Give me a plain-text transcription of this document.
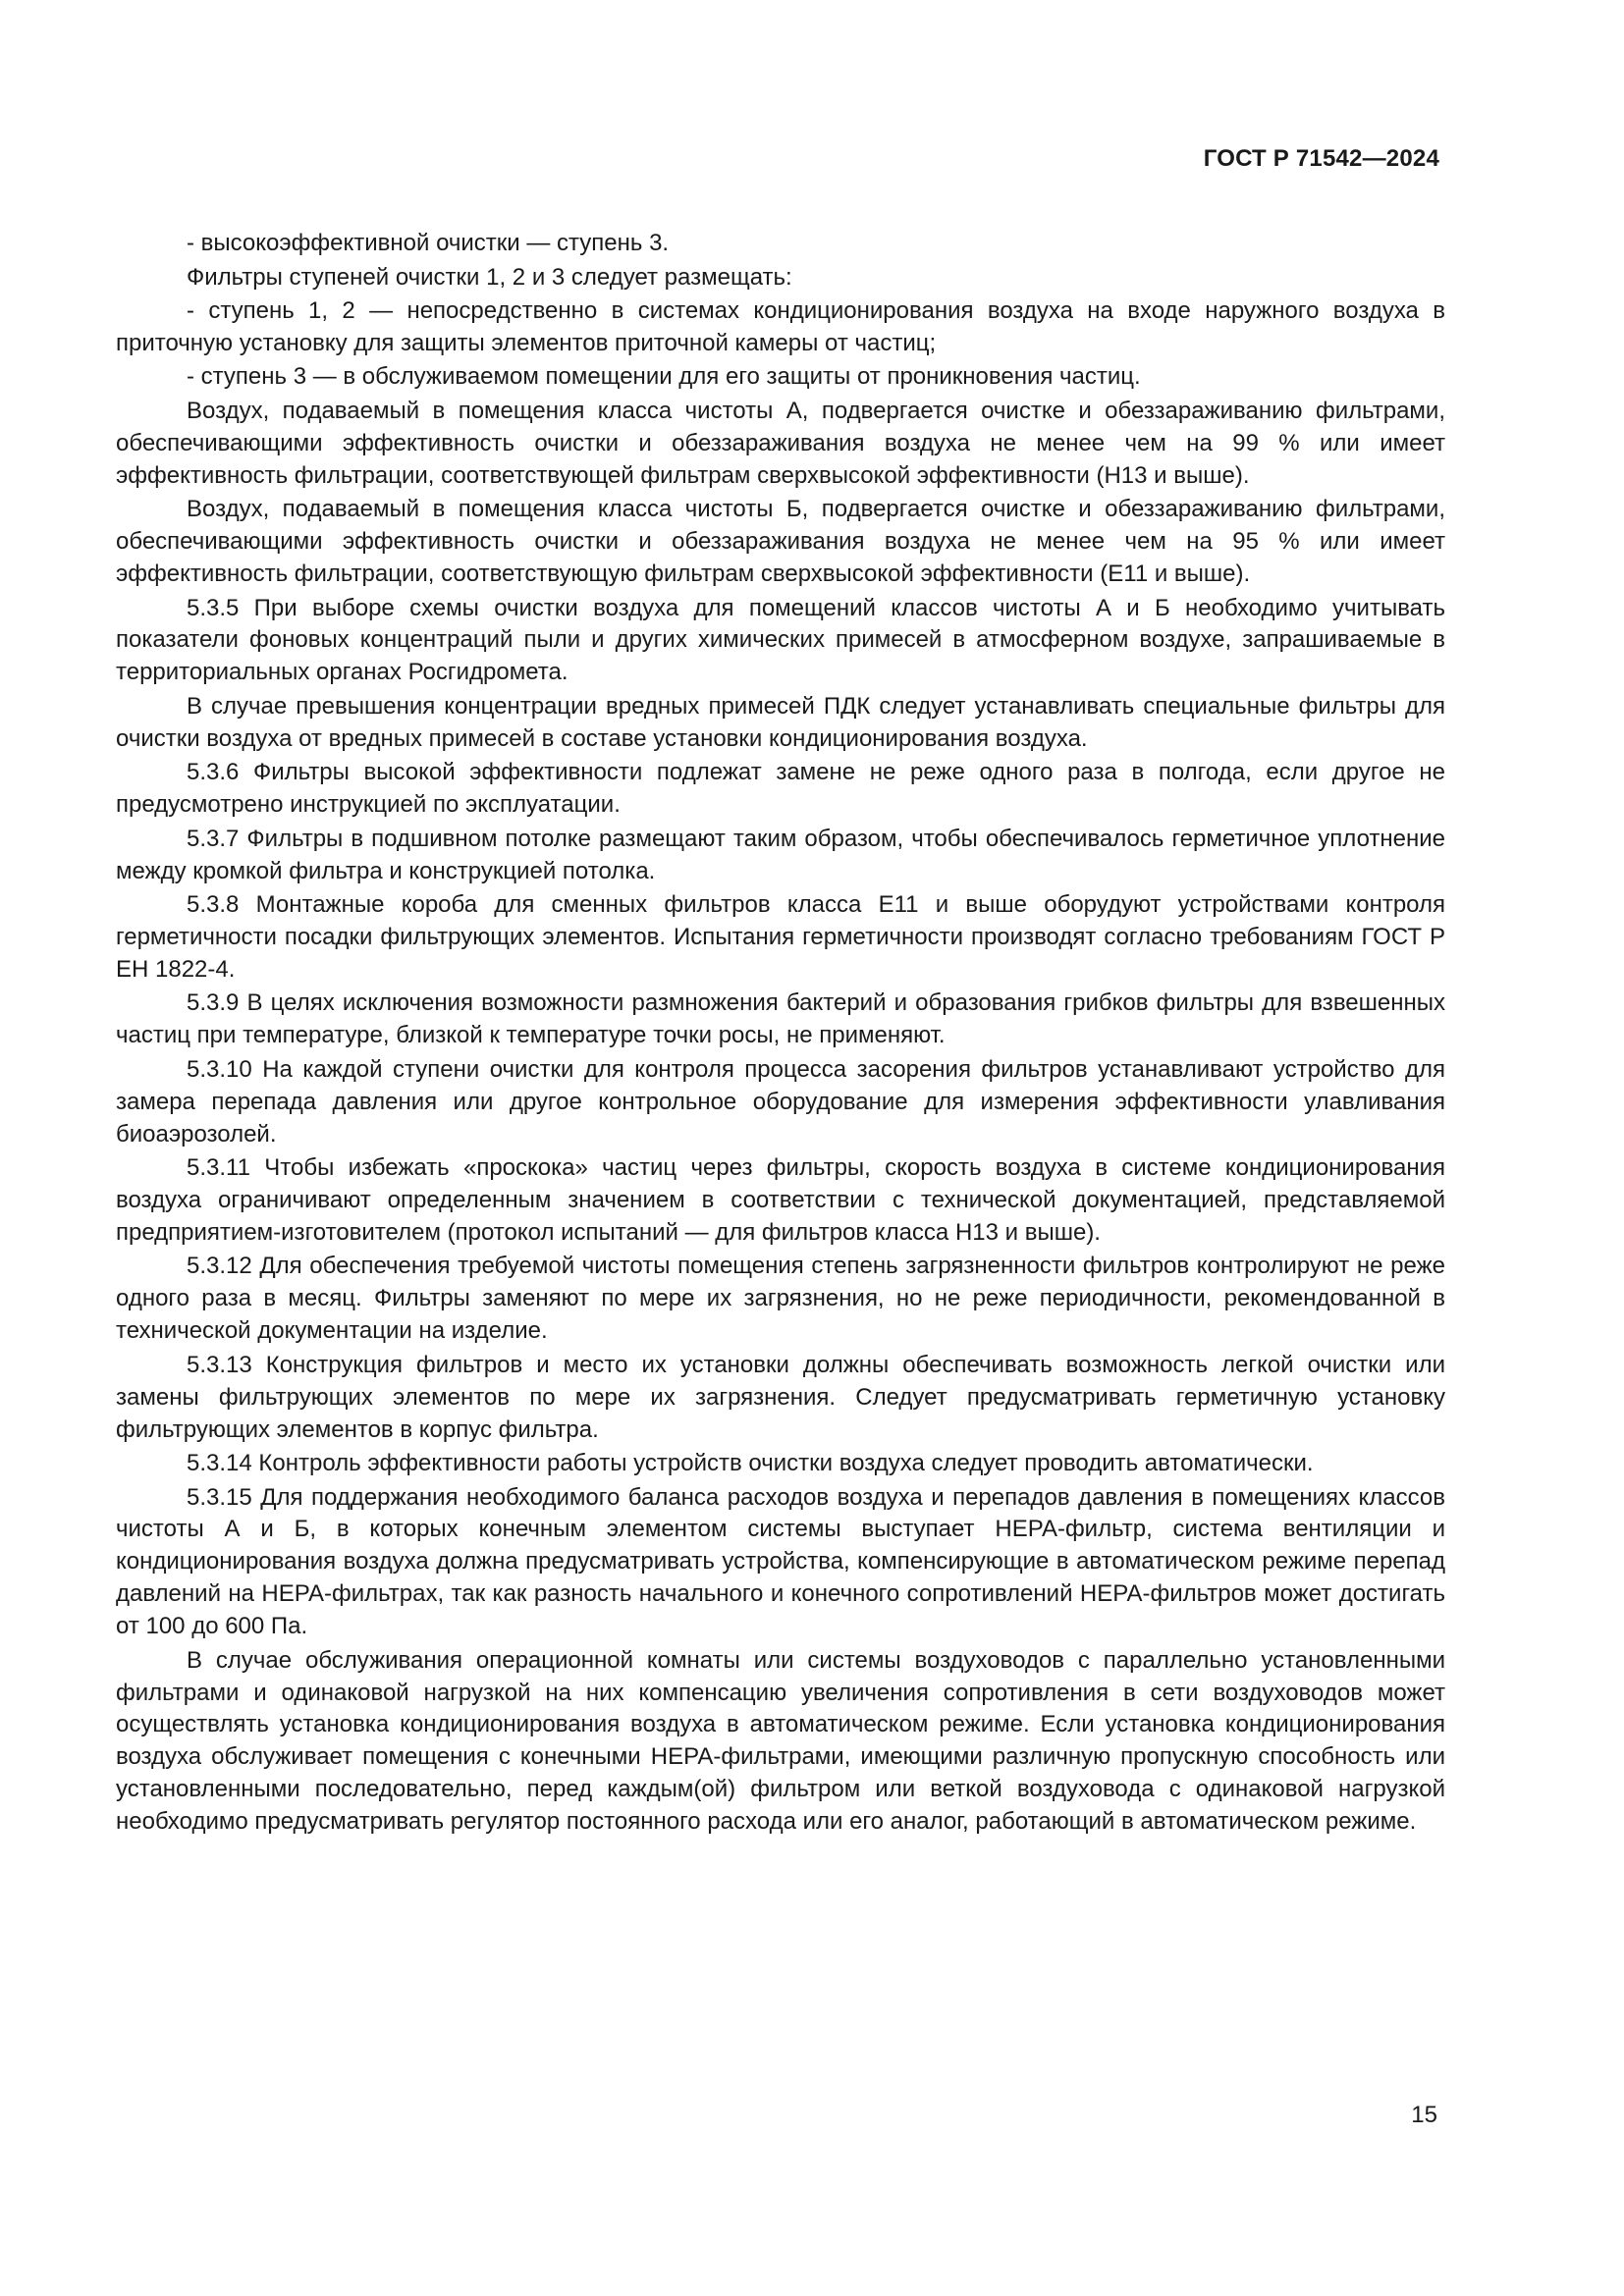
ГОСТ Р 71542—2024

- высокоэффективной очистки — ступень 3.

Фильтры ступеней очистки 1, 2 и 3 следует размещать:

- ступень 1, 2 — непосредственно в системах кондиционирования воздуха на входе наружного воздуха в приточную установку для защиты элементов приточной камеры от частиц;

- ступень 3 — в обслуживаемом помещении для его защиты от проникновения частиц.

Воздух, подаваемый в помещения класса чистоты А, подвергается очистке и обеззараживанию фильтрами, обеспечивающими эффективность очистки и обеззараживания воздуха не менее чем на 99 % или имеет эффективность фильтрации, соответствующей фильтрам сверхвысокой эффективности (Н13 и выше).

Воздух, подаваемый в помещения класса чистоты Б, подвергается очистке и обеззараживанию фильтрами, обеспечивающими эффективность очистки и обеззараживания воздуха не менее чем на 95 % или имеет эффективность фильтрации, соответствующую фильтрам сверхвысокой эффективности (Е11 и выше).

5.3.5 При выборе схемы очистки воздуха для помещений классов чистоты А и Б необходимо учитывать показатели фоновых концентраций пыли и других химических примесей в атмосферном воздухе, запрашиваемые в территориальных органах Росгидромета.

В случае превышения концентрации вредных примесей ПДК следует устанавливать специальные фильтры для очистки воздуха от вредных примесей в составе установки кондиционирования воздуха.

5.3.6 Фильтры высокой эффективности подлежат замене не реже одного раза в полгода, если другое не предусмотрено инструкцией по эксплуатации.

5.3.7 Фильтры в подшивном потолке размещают таким образом, чтобы обеспечивалось герметичное уплотнение между кромкой фильтра и конструкцией потолка.

5.3.8 Монтажные короба для сменных фильтров класса Е11 и выше оборудуют устройствами контроля герметичности посадки фильтрующих элементов. Испытания герметичности производят согласно требованиям ГОСТ Р ЕН 1822-4.

5.3.9 В целях исключения возможности размножения бактерий и образования грибков фильтры для взвешенных частиц при температуре, близкой к температуре точки росы, не применяют.

5.3.10 На каждой ступени очистки для контроля процесса засорения фильтров устанавливают устройство для замера перепада давления или другое контрольное оборудование для измерения эффективности улавливания биоаэрозолей.

5.3.11 Чтобы избежать «проскока» частиц через фильтры, скорость воздуха в системе кондиционирования воздуха ограничивают определенным значением в соответствии с технической документацией, представляемой предприятием-изготовителем (протокол испытаний — для фильтров класса Н13 и выше).

5.3.12 Для обеспечения требуемой чистоты помещения степень загрязненности фильтров контролируют не реже одного раза в месяц. Фильтры заменяют по мере их загрязнения, но не реже периодичности, рекомендованной в технической документации на изделие.

5.3.13 Конструкция фильтров и место их установки должны обеспечивать возможность легкой очистки или замены фильтрующих элементов по мере их загрязнения. Следует предусматривать герметичную установку фильтрующих элементов в корпус фильтра.

5.3.14 Контроль эффективности работы устройств очистки воздуха следует проводить автоматически.

5.3.15 Для поддержания необходимого баланса расходов воздуха и перепадов давления в помещениях классов чистоты А и Б, в которых конечным элементом системы выступает HEPA-фильтр, система вентиляции и кондиционирования воздуха должна предусматривать устройства, компенсирующие в автоматическом режиме перепад давлений на HEPA-фильтрах, так как разность начального и конечного сопротивлений HEPA-фильтров может достигать от 100 до 600 Па.

В случае обслуживания операционной комнаты или системы воздуховодов с параллельно установленными фильтрами и одинаковой нагрузкой на них компенсацию увеличения сопротивления в сети воздуховодов может осуществлять установка кондиционирования воздуха в автоматическом режиме. Если установка кондиционирования воздуха обслуживает помещения с конечными HEPA-фильтрами, имеющими различную пропускную способность или установленными последовательно, перед каждым(ой) фильтром или веткой воздуховода с одинаковой нагрузкой необходимо предусматривать регулятор постоянного расхода или его аналог, работающий в автоматическом режиме.

15
